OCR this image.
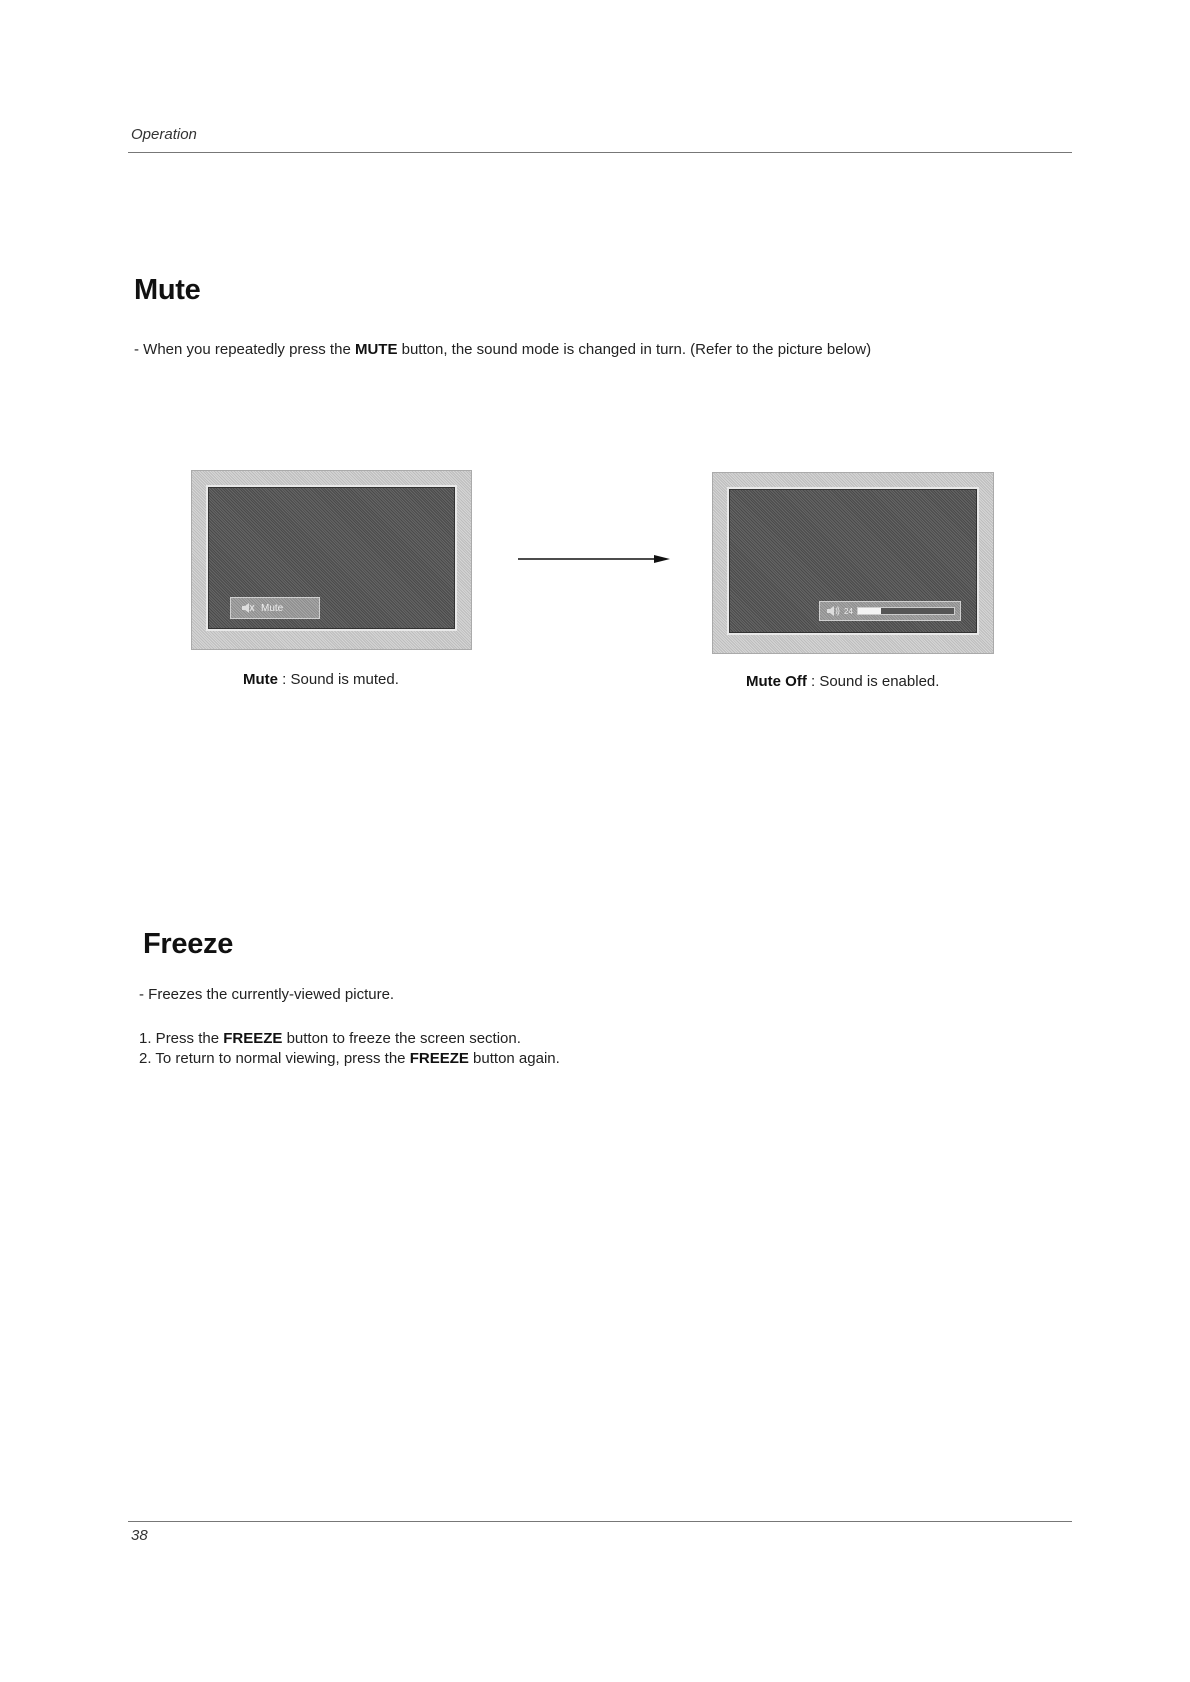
Operation
Mute
- When you repeatedly press the MUTE button, the sound mode is changed in turn. (Refer to the picture below)
Mute	24
Mute : Sound is muted.	Mute Off : Sound is enabled.
Freeze
- Freezes the currently-viewed picture.
1. Press the FREEZE button to freeze the screen section.
2. To return to normal viewing, press the FREEZE button again.
38
